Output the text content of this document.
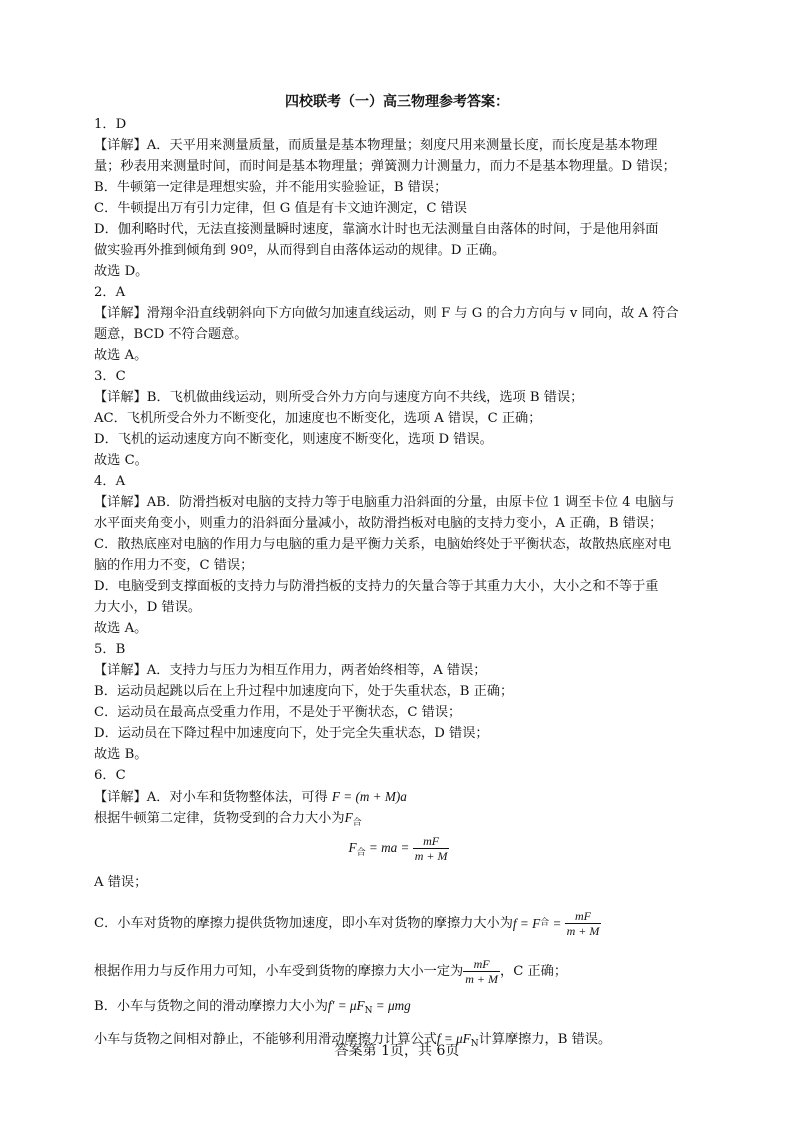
四校联考（一）高三物理参考答案：
1．D
【详解】A．天平用来测量质量，而质量是基本物理量；刻度尺用来测量长度，而长度是基本物理
量；秒表用来测量时间，而时间是基本物理量；弹簧测力计测量力，而力不是基本物理量。D 错误；
B．牛顿第一定律是理想实验，并不能用实验验证，B 错误；
C．牛顿提出万有引力定律，但 G 值是有卡文迪许测定，C 错误
D．伽利略时代，无法直接测量瞬时速度，靠滴水计时也无法测量自由落体的时间，于是他用斜面
做实验再外推到倾角到 90º，从而得到自由落体运动的规律。D 正确。
故选 D。
2．A
【详解】滑翔伞沿直线朝斜向下方向做匀加速直线运动，则 F 与 G 的合力方向与 v 同向，故 A 符合
题意，BCD 不符合题意。
故选 A。
3．C
【详解】B．飞机做曲线运动，则所受合外力方向与速度方向不共线，选项 B 错误；
AC．飞机所受合外力不断变化，加速度也不断变化，选项 A 错误，C 正确；
D．飞机的运动速度方向不断变化，则速度不断变化，选项 D 错误。
故选 C。
4．A
【详解】AB．防滑挡板对电脑的支持力等于电脑重力沿斜面的分量，由原卡位 1 调至卡位 4 电脑与
水平面夹角变小，则重力的沿斜面分量减小，故防滑挡板对电脑的支持力变小，A 正确，B 错误；
C．散热底座对电脑的作用力与电脑的重力是平衡力关系，电脑始终处于平衡状态，故散热底座对电
脑的作用力不变，C 错误；
D．电脑受到支撑面板的支持力与防滑挡板的支持力的矢量合等于其重力大小，大小之和不等于重
力大小，D 错误。
故选 A。
5．B
【详解】A．支持力与压力为相互作用力，两者始终相等，A 错误；
B．运动员起跳以后在上升过程中加速度向下，处于失重状态，B 正确；
C．运动员在最高点受重力作用，不是处于平衡状态，C 错误；
D．运动员在下降过程中加速度向下，处于完全失重状态，D 错误；
故选 B。
6．C
【详解】A．对小车和货物整体法，可得 F = (m + M)a
根据牛顿第二定律，货物受到的合力大小为$F_合$
$F_合$ = ma = $\frac{mF}{m + M}$
A 错误；
C．小车对货物的摩擦力提供货物加速度，即小车对货物的摩擦力大小为 f = F 合 = $\frac{mF}{m + M}$
根据作用力与反作用力可知，小车受到货物的摩擦力大小一定为 $\frac{mF}{m + M}$ ，C 正确；
B．小车与货物之间的滑动摩擦力大小为$f' = \mu F_N = \mu mg$
小车与货物之间相对静止，不能够利用滑动摩擦力计算公式$f = \mu F_N$计算摩擦力，B 错误。
答案第 1页，共 6页
